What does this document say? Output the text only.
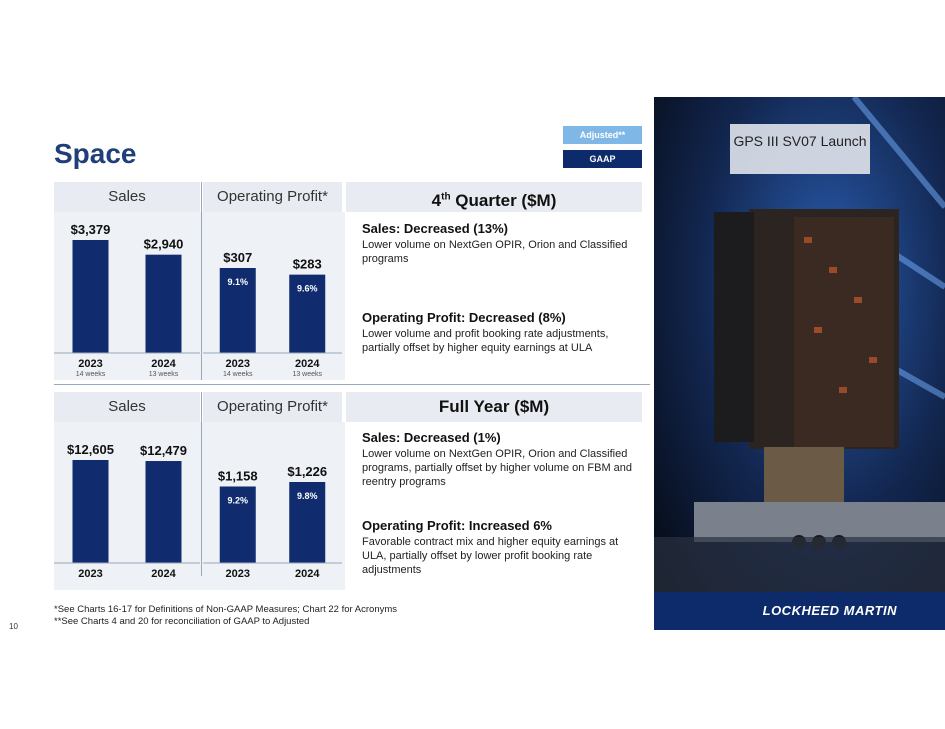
Space
Adjusted**
GAAP
Sales	Operating Profit*	4th Quarter ($M)
Sales	Operating Profit*	Full Year ($M)
$3,379
2023
14 weeks
$2,940
2024
13 weeks
$307
9.1%
2023
14 weeks
$283
9.6%
2024
13 weeks
$12,605
2023
$12,479
2024
$1,158
9.2%
2023
$1,226
9.8%
2024
Sales: Decreased (13%)
Lower volume on NextGen OPIR, Orion and Classified programs
Operating Profit: Decreased (8%)
Lower volume and profit booking rate adjustments, partially offset by higher equity earnings at ULA
Sales: Decreased (1%)
Lower volume on NextGen OPIR, Orion and Classified programs, partially offset by higher volume on FBM and reentry programs
Operating Profit: Increased 6%
Favorable contract mix and higher equity earnings at ULA, partially offset by lower profit booking rate adjustments
10
*See Charts 16-17 for Definitions of Non-GAAP Measures; Chart 22 for Acronyms
**See Charts 4 and 20 for reconciliation of GAAP to Adjusted
GPS III SV07 Launch
LOCKHEED MARTIN
